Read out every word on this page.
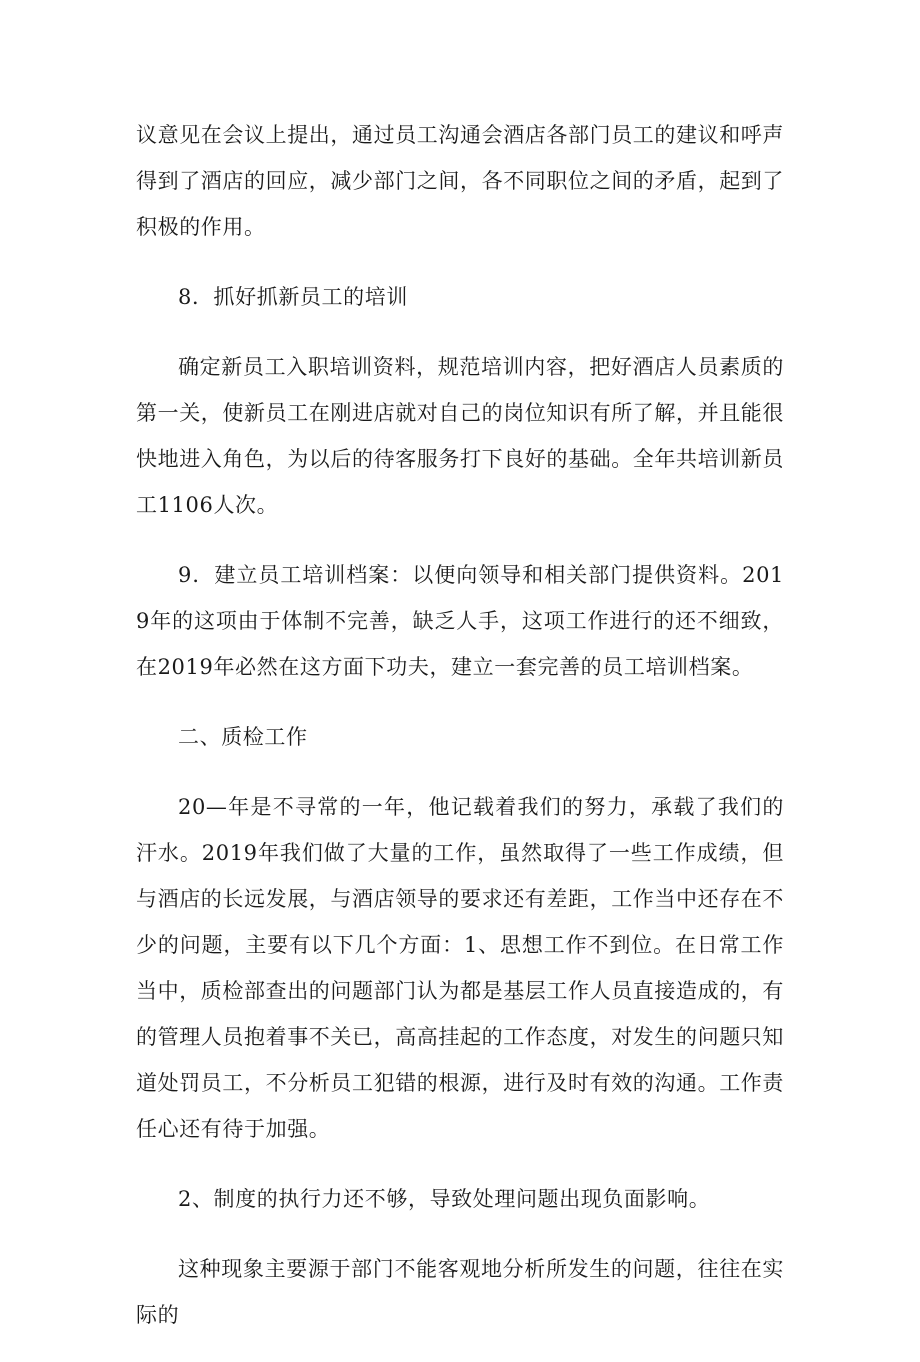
议意见在会议上提出，通过员工沟通会酒店各部门员工的建议和呼声得到了酒店的回应，减少部门之间，各不同职位之间的矛盾，起到了积极的作用。

8．抓好抓新员工的培训

确定新员工入职培训资料，规范培训内容，把好酒店人员素质的第一关，使新员工在刚进店就对自己的岗位知识有所了解，并且能很快地进入角色，为以后的待客服务打下良好的基础。全年共培训新员工1106人次。

9．建立员工培训档案：以便向领导和相关部门提供资料。2019年的这项由于体制不完善，缺乏人手，这项工作进行的还不细致，在2019年必然在这方面下功夫，建立一套完善的员工培训档案。

二、质检工作

20—年是不寻常的一年，他记载着我们的努力，承载了我们的汗水。2019年我们做了大量的工作，虽然取得了一些工作成绩，但与酒店的长远发展，与酒店领导的要求还有差距，工作当中还存在不少的问题，主要有以下几个方面：1、思想工作不到位。在日常工作当中，质检部查出的问题部门认为都是基层工作人员直接造成的，有的管理人员抱着事不关已，高高挂起的工作态度，对发生的问题只知道处罚员工，不分析员工犯错的根源，进行及时有效的沟通。工作责任心还有待于加强。

2、制度的执行力还不够，导致处理问题出现负面影响。

这种现象主要源于部门不能客观地分析所发生的问题，往往在实际的
